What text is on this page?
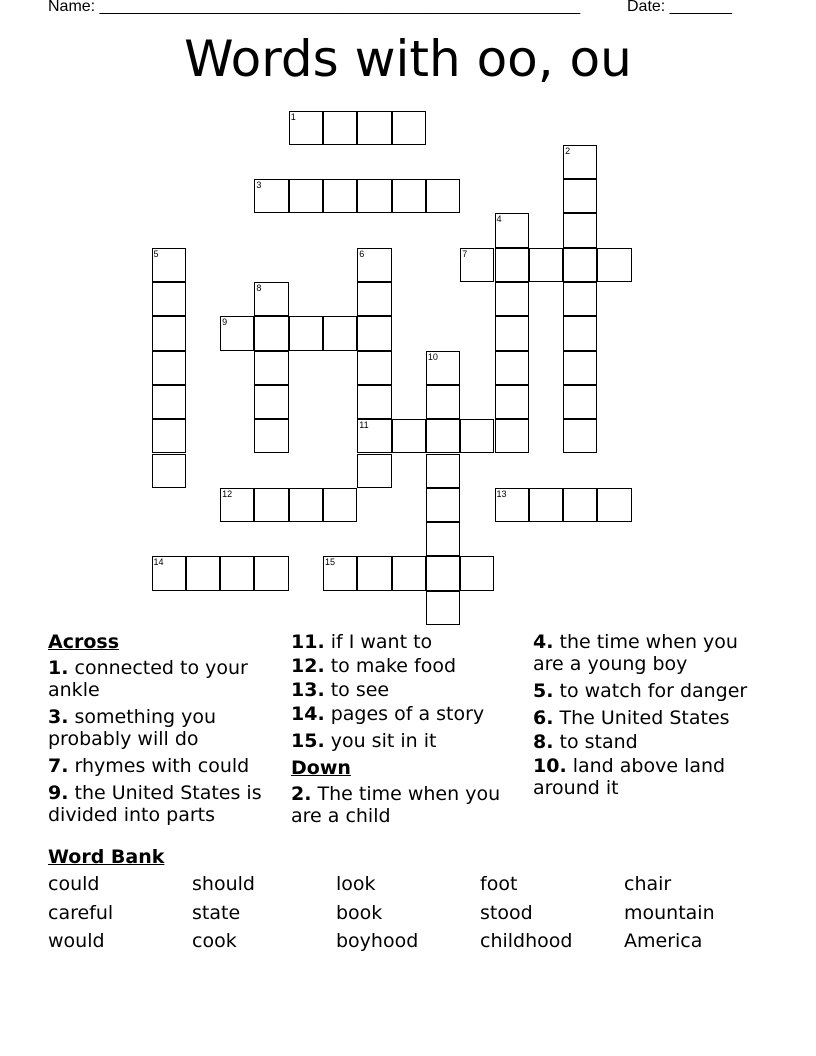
Name: ______________________________________________________	Date: _______
Words with oo, ou
1
3
7
9
11
12	13
14	15
2
4
5	6
8
10
Across
1. connected to your ankle
3. something you probably will do
7. rhymes with could
9. the United States is divided into parts
11. if I want to
12. to make food
13. to see
14. pages of a story
15. you sit in it
Down
2. The time when you are a child
4. the time when you are a young boy
5. to watch for danger
6. The United States
8. to stand
10. land above land around it
Word Bank
could	should	look	foot	chair
careful	state	book	stood	mountain
would	cook	boyhood	childhood	America
